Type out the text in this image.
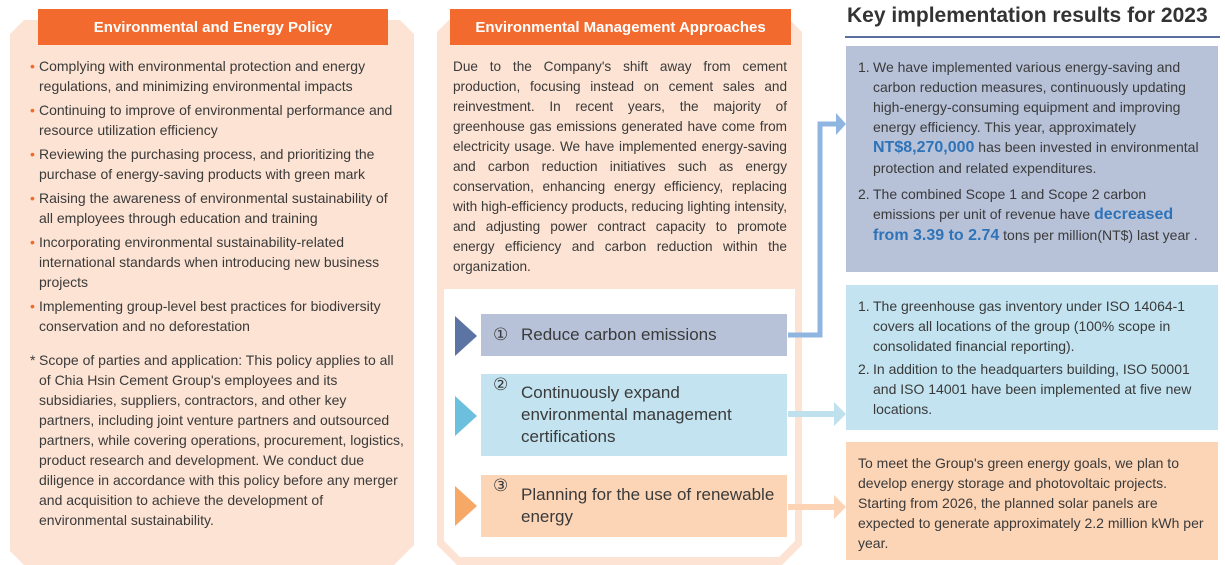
Environmental and Energy Policy
• Complying with environmental protection and energy regulations, and minimizing environmental impacts
• Continuing to improve of environmental performance and resource utilization efficiency
• Reviewing the purchasing process, and prioritizing the purchase of energy-saving products with green mark
• Raising the awareness of environmental sustainability of all employees through education and training
• Incorporating environmental sustainability-related international standards when introducing new business projects
• Implementing group-level best practices for biodiversity conservation and no deforestation
* Scope of parties and application: This policy applies to all of Chia Hsin Cement Group's employees and its subsidiaries, suppliers, contractors, and other key partners, including joint venture partners and outsourced partners, while covering operations, procurement, logistics, product research and development. We conduct due diligence in accordance with this policy before any merger and acquisition to achieve the development of environmental sustainability.
Environmental Management Approaches
Due to the Company's shift away from cement production, focusing instead on cement sales and reinvestment. In recent years, the majority of greenhouse gas emissions generated have come from electricity usage. We have implemented energy-saving and carbon reduction initiatives such as energy conservation, enhancing energy efficiency, replacing with high-efficiency products, reducing lighting intensity, and adjusting power contract capacity to promote energy efficiency and carbon reduction within the organization.
① Reduce carbon emissions
② Continuously expand environmental management certifications
③ Planning for the use of renewable energy
Key implementation results for 2023
1. We have implemented various energy-saving and carbon reduction measures, continuously updating high-energy-consuming equipment and improving energy efficiency. This year, approximately NT$8,270,000 has been invested in environmental protection and related expenditures.
2. The combined Scope 1 and Scope 2 carbon emissions per unit of revenue have decreased from 3.39 to 2.74 tons per million(NT$) last year .
1. The greenhouse gas inventory under ISO 14064-1 covers all locations of the group (100% scope in consolidated financial reporting).
2. In addition to the headquarters building, ISO 50001 and ISO 14001 have been implemented at five new locations.

To meet the Group's green energy goals, we plan to develop energy storage and photovoltaic projects. Starting from 2026, the planned solar panels are expected to generate approximately 2.2 million kWh per year.
